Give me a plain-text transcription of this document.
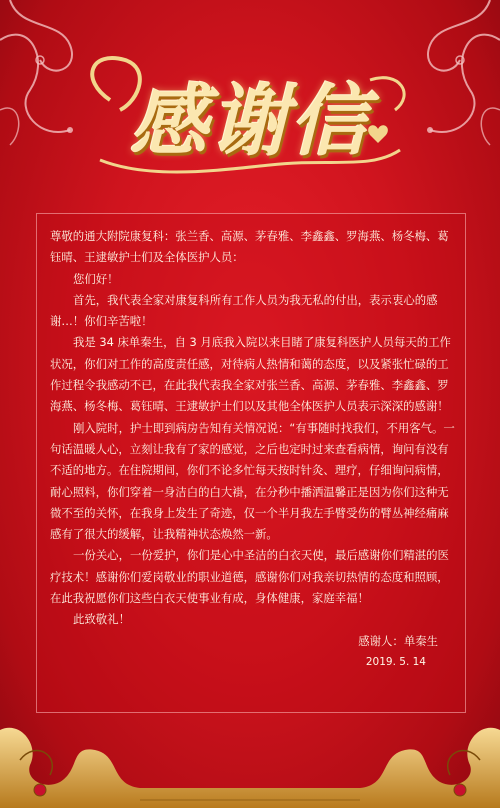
感谢信

尊敬的通大附院康复科：张兰香、高源、茅春雅、李鑫鑫、罗海燕、杨冬梅、葛钰晴、王逮敏护士们及全体医护人员：

您们好！

首先，我代表全家对康复科所有工作人员为我无私的付出，表示衷心的感谢…！你们辛苦啦！

我是 34 床单秦生，自 3 月底我入院以来目睹了康复科医护人员每天的工作状况，你们对工作的高度责任感，对待病人热情和蔼的态度，以及紧张忙碌的工作过程令我感动不已，在此我代表我全家对张兰香、高源、茅春雅、李鑫鑫、罗海燕、杨冬梅、葛钰晴、王逮敏护士们以及其他全体医护人员表示深深的感谢！

刚入院时，护士即到病房告知有关情况说：“有事随时找我们，不用客气。一句话温暖人心，立刻让我有了家的感觉，之后也定时过来查看病情，询问有没有不适的地方。在住院期间，你们不论多忙每天按时针灸、理疗，仔细询问病情，耐心照料，你们穿着一身洁白的白大褂，在分秒中播洒温馨正是因为你们这种无微不至的关怀，在我身上发生了奇迹，仅一个半月我左手臂受伤的臂丛神经痛麻感有了很大的缓解，让我精神状态焕然一新。

一份关心，一份爱护，你们是心中圣洁的白衣天使，最后感谢你们精湛的医疗技术！感谢你们爱岗敬业的职业道德，感谢你们对我亲切热情的态度和照顾，在此我祝愿你们这些白衣天使事业有成，身体健康，家庭幸福！

此致敬礼！

感谢人：单秦生

2019. 5. 14
